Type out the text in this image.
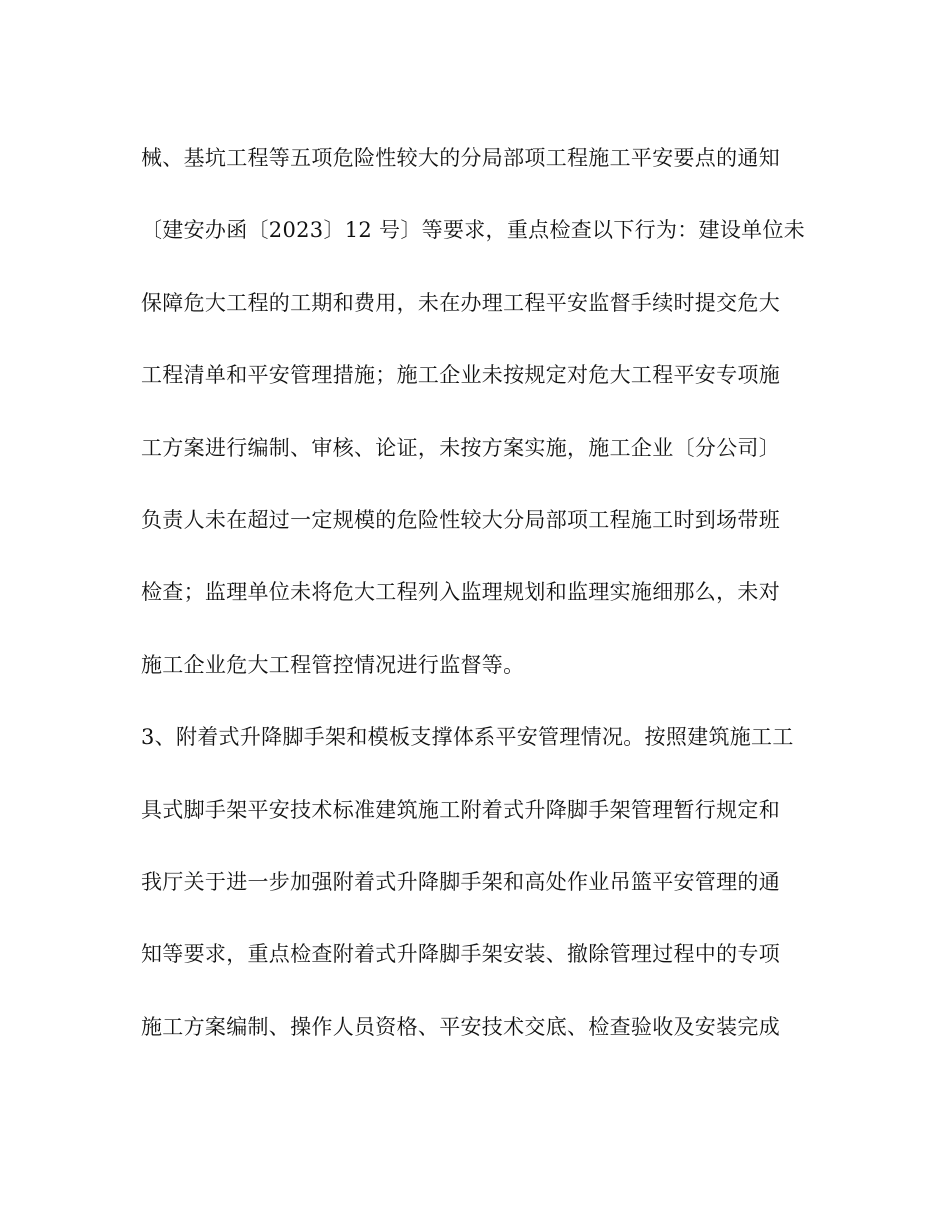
械、基坑工程等五项危险性较大的分局部项工程施工平安要点的通知
〔建安办函〔2023〕12 号〕等要求，重点检查以下行为：建设单位未
保障危大工程的工期和费用，未在办理工程平安监督手续时提交危大
工程清单和平安管理措施；施工企业未按规定对危大工程平安专项施
工方案进行编制、审核、论证，未按方案实施，施工企业〔分公司〕
负责人未在超过一定规模的危险性较大分局部项工程施工时到场带班
检查；监理单位未将危大工程列入监理规划和监理实施细那么，未对
施工企业危大工程管控情况进行监督等。
3、附着式升降脚手架和模板支撑体系平安管理情况。按照建筑施工工
具式脚手架平安技术标准建筑施工附着式升降脚手架管理暂行规定和
我厅关于进一步加强附着式升降脚手架和高处作业吊篮平安管理的通
知等要求，重点检查附着式升降脚手架安装、撤除管理过程中的专项
施工方案编制、操作人员资格、平安技术交底、检查验收及安装完成
